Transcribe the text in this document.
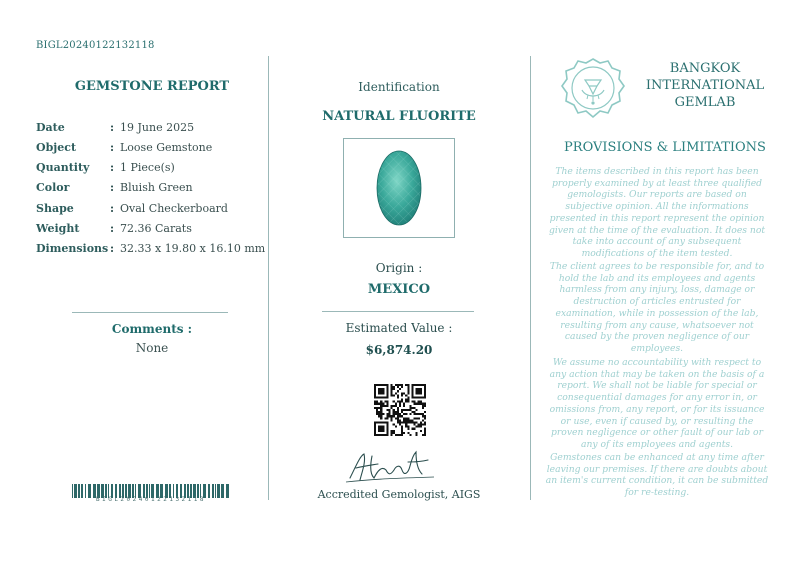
BIGL20240122132118
GEMSTONE REPORT
Date	: 19 June 2025
Object	: Loose Gemstone
Quantity : 1 Piece(s)
Color	: Bluish Green
Shape	: Oval Checkerboard
Weight	: 72.36 Carats
Dimensions : 32.33 x 19.80 x 16.10 mm
Comments :
None
BIGL20240122132118
Identification
NATURAL FLUORITE
Origin :
MEXICO
Estimated Value :
$6,874.20
Accredited Gemologist, AIGS
BANGKOK
INTERNATIONAL
GEMLAB
PROVISIONS & LIMITATIONS
The items described in this report has been properly examined by at least three qualified gemologists. Our reports are based on subjective opinion. All the informations presented in this report represent the opinion given at the time of the evaluation. It does not take into account of any subsequent modifications of the item tested.
The client agrees to be responsible for, and to hold the lab and its employees and agents harmless from any injury, loss, damage or destruction of articles entrusted for examination, while in possession of the lab, resulting from any cause, whatsoever not caused by the proven negligence of our employees.
We assume no accountability with respect to any action that may be taken on the basis of a report. We shall not be liable for special or consequential damages for any error in, or omissions from, any report, or for its issuance or use, even if caused by, or resulting the proven negligence or other fault of our lab or any of its employees and agents.
Gemstones can be enhanced at any time after leaving our premises. If there are doubts about an item's current condition, it can be submitted for re-testing.
